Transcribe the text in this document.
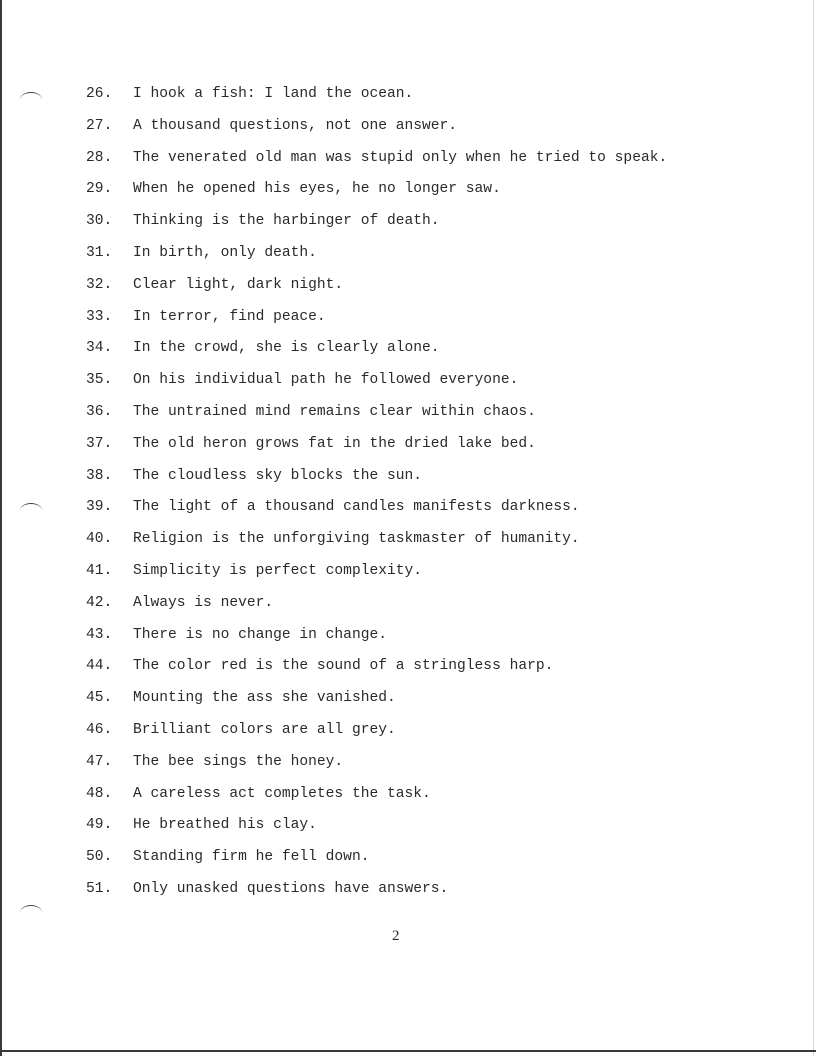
26.	I hook a fish: I land the ocean.
27.	A thousand questions, not one answer.
28.	The venerated old man was stupid only when he tried to speak.
29.	When he opened his eyes, he no longer saw.
30.	Thinking is the harbinger of death.
31.	In birth, only death.
32.	Clear light, dark night.
33.	In terror, find peace.
34.	In the crowd, she is clearly alone.
35.	On his individual path he followed everyone.
36.	The untrained mind remains clear within chaos.
37.	The old heron grows fat in the dried lake bed.
38.	The cloudless sky blocks the sun.
39.	The light of a thousand candles manifests darkness.
40.	Religion is the unforgiving taskmaster of humanity.
41.	Simplicity is perfect complexity.
42.	Always is never.
43.	There is no change in change.
44.	The color red is the sound of a stringless harp.
45.	Mounting the ass she vanished.
46.	Brilliant colors are all grey.
47.	The bee sings the honey.
48.	A careless act completes the task.
49.	He breathed his clay.
50.	Standing firm he fell down.
51.	Only unasked questions have answers.
2
